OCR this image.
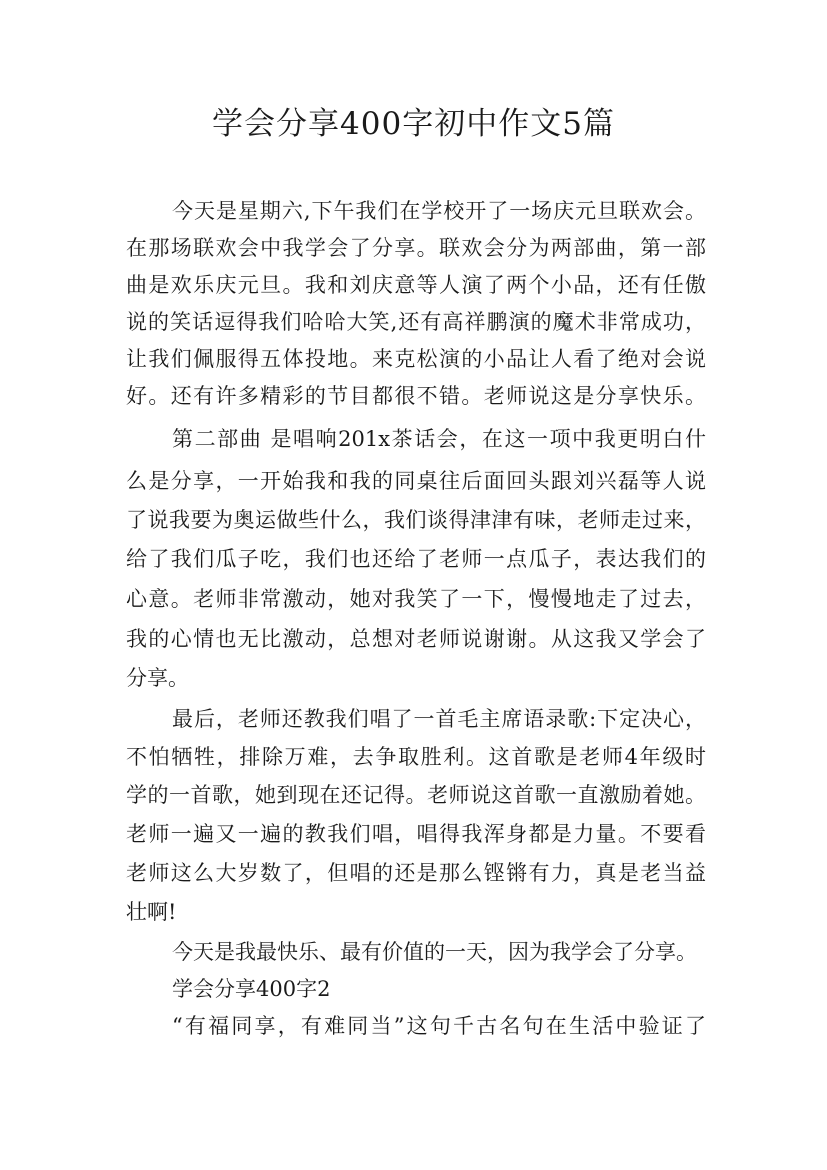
学会分享400字初中作文5篇

今天是星期六,下午我们在学校开了一场庆元旦联欢会。

在那场联欢会中我学会了分享。联欢会分为两部曲，第一部

曲是欢乐庆元旦。我和刘庆意等人演了两个小品，还有任傲

说的笑话逗得我们哈哈大笑,还有高祥鹏演的魔术非常成功，

让我们佩服得五体投地。来克松演的小品让人看了绝对会说

好。还有许多精彩的节目都很不错。老师说这是分享快乐。

第二部曲 是唱响201x茶话会，在这一项中我更明白什

么是分享，一开始我和我的同桌往后面回头跟刘兴磊等人说

了说我要为奥运做些什么，我们谈得津津有味，老师走过来，

给了我们瓜子吃，我们也还给了老师一点瓜子，表达我们的

心意。老师非常激动，她对我笑了一下，慢慢地走了过去，

我的心情也无比激动，总想对老师说谢谢。从这我又学会了

分享。

最后，老师还教我们唱了一首毛主席语录歌:下定决心，

不怕牺牲，排除万难，去争取胜利。这首歌是老师4年级时

学的一首歌，她到现在还记得。老师说这首歌一直激励着她。

老师一遍又一遍的教我们唱，唱得我浑身都是力量。不要看

老师这么大岁数了，但唱的还是那么铿锵有力，真是老当益

壮啊!

今天是我最快乐、最有价值的一天，因为我学会了分享。

学会分享400字2

“有福同享，有难同当”这句千古名句在生活中验证了
